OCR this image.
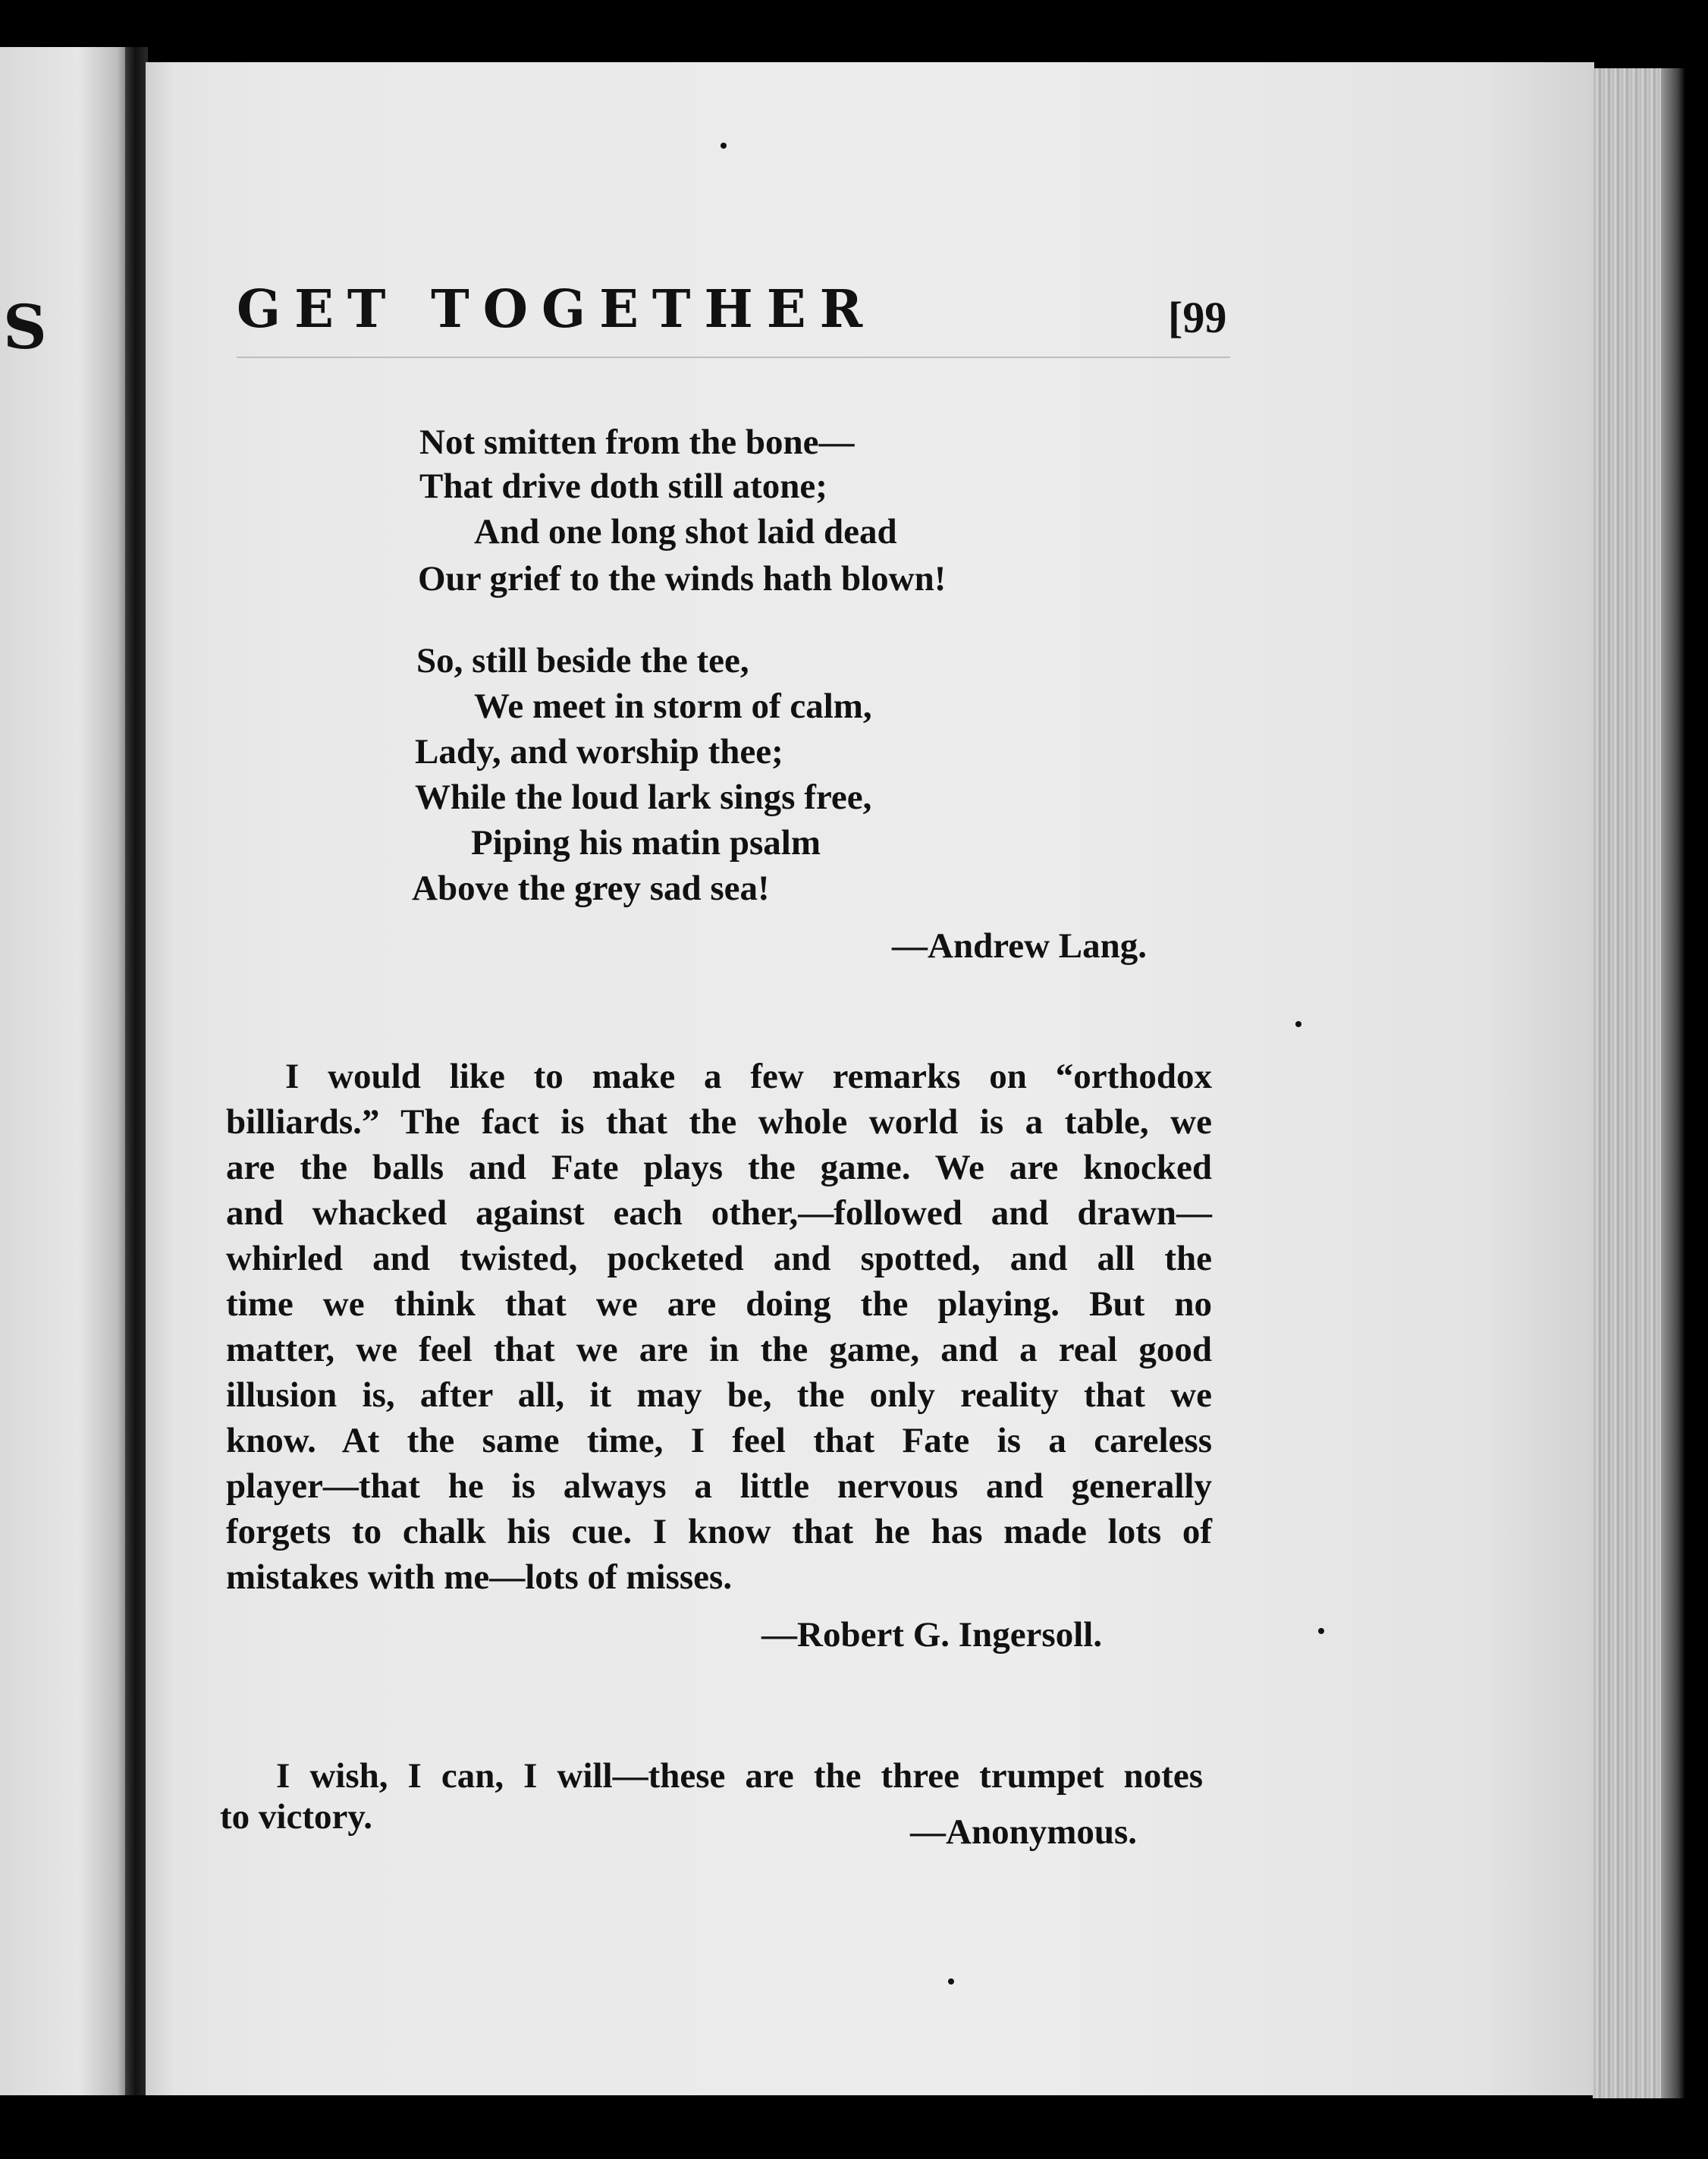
S	GET TOGETHER	[99
Not smitten from the bone—
That drive doth still atone;
And one long shot laid dead
Our grief to the winds hath blown!
So, still beside the tee,
We meet in storm of calm,
Lady, and worship thee;
While the loud lark sings free,
Piping his matin psalm
Above the grey sad sea!
—Andrew Lang.
I would like to make a few remarks on “orthodox
billiards.” The fact is that the whole world is a table, we
are the balls and Fate plays the game. We are knocked
and whacked against each other,—followed and drawn—
whirled and twisted, pocketed and spotted, and all the
time we think that we are doing the playing. But no
matter, we feel that we are in the game, and a real good
illusion is, after all, it may be, the only reality that we
know. At the same time, I feel that Fate is a careless
player—that he is always a little nervous and generally
forgets to chalk his cue. I know that he has made lots of
mistakes with me—lots of misses.
—Robert G. Ingersoll.
I wish, I can, I will—these are the three trumpet notes
to victory.	—Anonymous.
